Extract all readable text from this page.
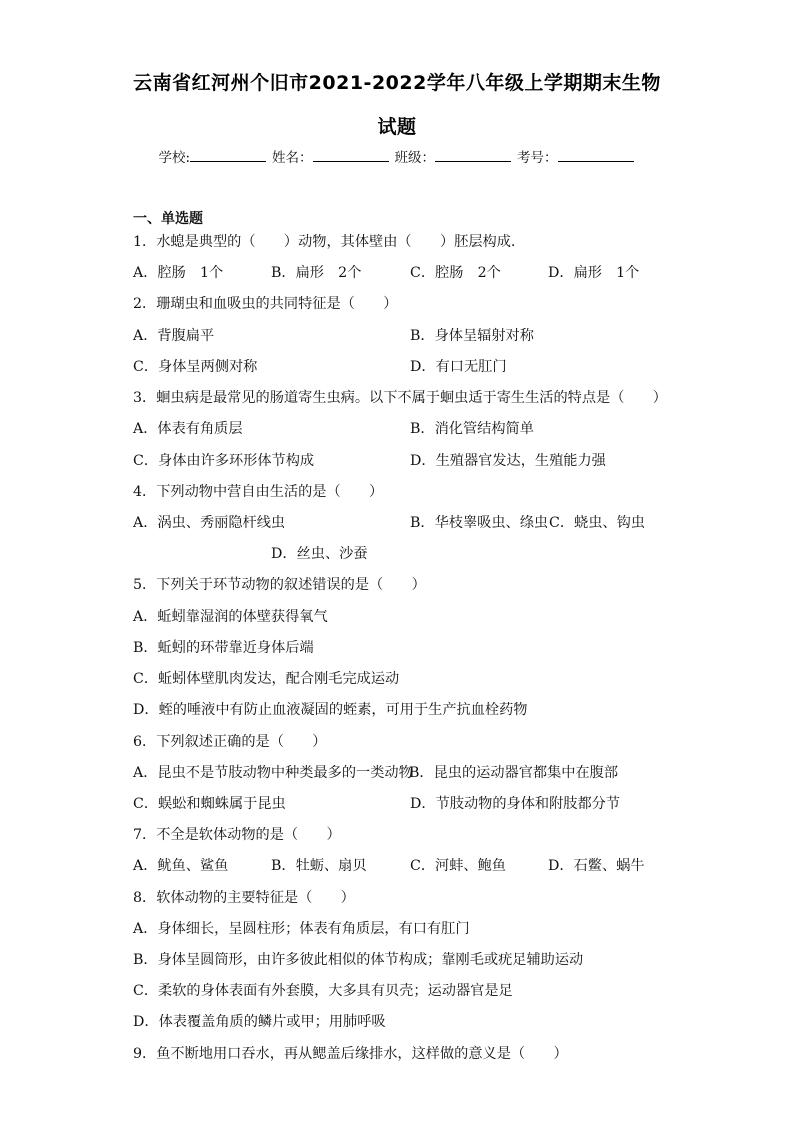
云南省红河州个旧市2021-2022学年八年级上学期期末生物
试题
学校:	姓名：	班级：	考号：
一、单选题
1．水螅是典型的（　　）动物，其体壁由（　　）胚层构成.
A．腔肠　1个	B．扁形　2个	C．腔肠　2个	D．扁形　1个
2．珊瑚虫和血吸虫的共同特征是（　　）
A．背腹扁平	B．身体呈辐射对称
C．身体呈两侧对称	D．有口无肛门
3．蛔虫病是最常见的肠道寄生虫病。以下不属于蛔虫适于寄生生活的特点是（　　）
A．体表有角质层	B．消化管结构简单
C．身体由许多环形体节构成	D．生殖器官发达，生殖能力强
4．下列动物中营自由生活的是（　　）
A．涡虫、秀丽隐杆线虫	B．华枝睾吸虫、绦虫 C．蛲虫、钩虫
D．丝虫、沙蚕
5．下列关于环节动物的叙述错误的是（　　）
A．蚯蚓靠湿润的体壁获得氧气
B．蚯蚓的环带靠近身体后端
C．蚯蚓体壁肌肉发达，配合刚毛完成运动
D．蛭的唾液中有防止血液凝固的蛭素，可用于生产抗血栓药物
6．下列叙述正确的是（　　）
A．昆虫不是节肢动物中种类最多的一类动物
B．昆虫的运动器官都集中在腹部
C．蜈蚣和蜘蛛属于昆虫	D．节肢动物的身体和附肢都分节
7．不全是软体动物的是（　　）
A．鱿鱼、鲨鱼	B．牡蛎、扇贝	C．河蚌、鲍鱼	D．石鳖、蜗牛
8．软体动物的主要特征是（　　）
A．身体细长，呈圆柱形；体表有角质层，有口有肛门
B．身体呈圆筒形，由许多彼此相似的体节构成；靠刚毛或疣足辅助运动
C．柔软的身体表面有外套膜，大多具有贝壳；运动器官是足
D．体表覆盖角质的鳞片或甲；用肺呼吸
9．鱼不断地用口吞水，再从鳃盖后缘排水，这样做的意义是（　　）
